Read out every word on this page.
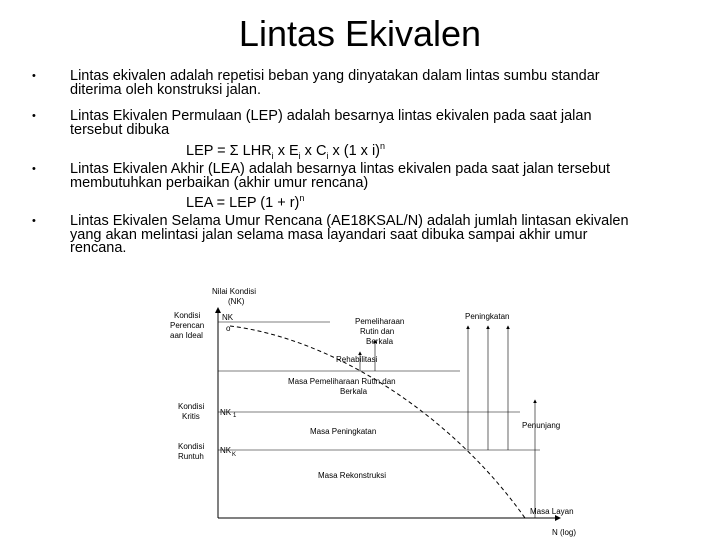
Lintas Ekivalen
• Lintas ekivalen adalah repetisi beban yang dinyatakan dalam lintas sumbu standar
diterima oleh konstruksi jalan.
• Lintas Ekivalen Permulaan (LEP) adalah besarnya lintas ekivalen pada saat jalan
tersebut dibuka
LEP = Σ $LHR_i$ x $E_i$ x $C_i$ x (1 x i)$^n$
• Lintas Ekivalen Akhir (LEA) adalah besarnya lintas ekivalen pada saat jalan tersebut
membutuhkan perbaikan (akhir umur rencana)
LEA = LEP $(1 + r)^n$
• Lintas Ekivalen Selama Umur Rencana (AE18KSAL/N) adalah jumlah lintasan ekivalen
yang akan melintasi jalan selama masa layandari saat dibuka sampai akhir umur
rencana.
Nilai Kondisi
(NK)
Kondisi
Perencan
aan Ideal
NK
o
Kondisi
Kritis	NK 1
Kondisi
Runtuh
NK K
Pemeliharaan
Rutin dan
Berkala
Rehabilitasi
Masa Pemeliharaan Rutin dan
Berkala
Peningkatan
Penunjang
Masa Peningkatan
Masa Rekonstruksi
Masa Layan
N (log)
